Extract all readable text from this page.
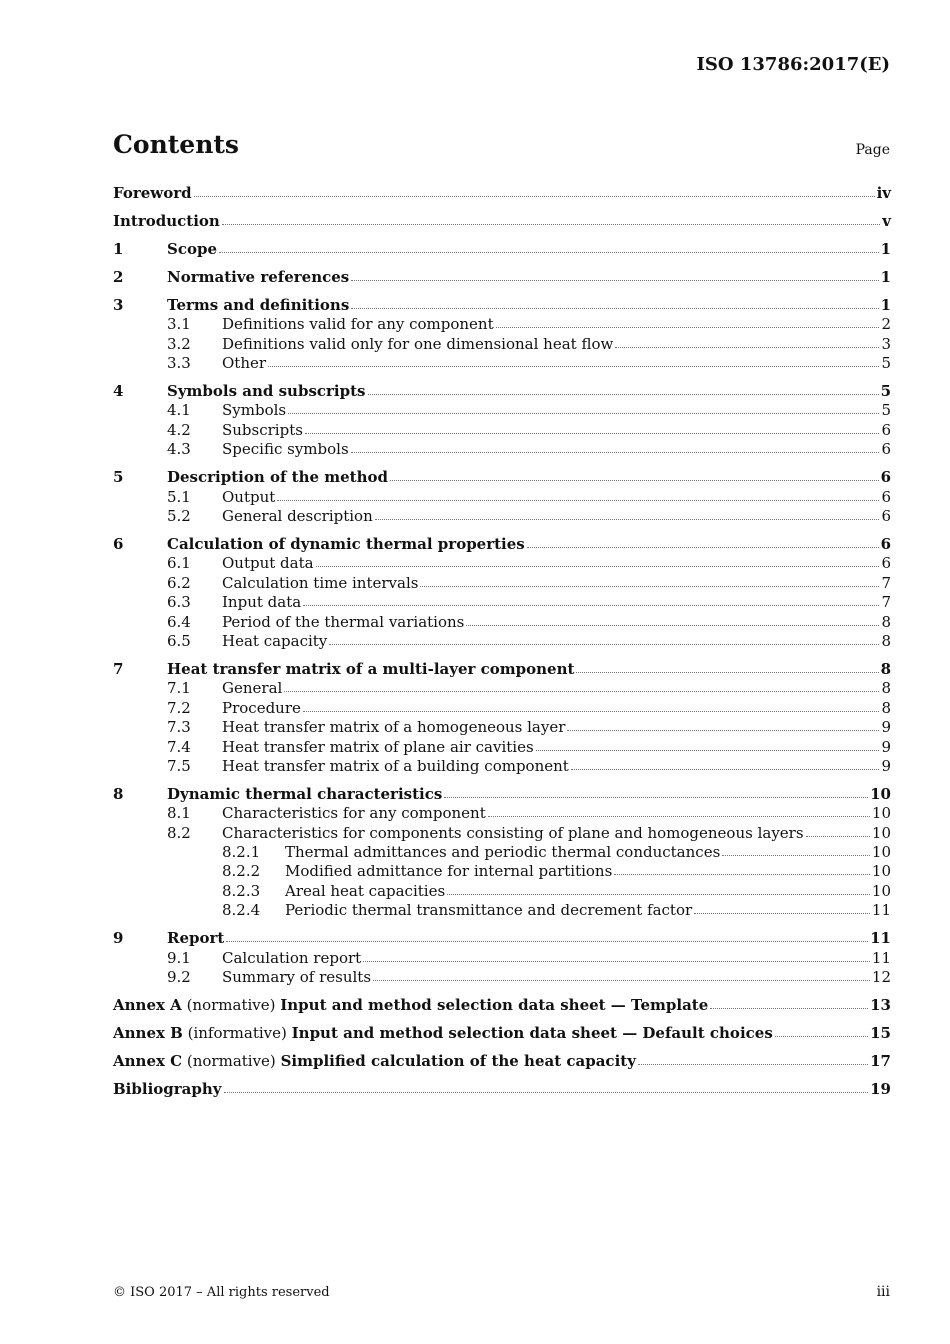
ISO 13786:2017(E)
Contents	Page
Foreword	iv
Introduction	v
1	Scope	1
2	Normative references	1
3	Terms and definitions	1
3.1 Definitions valid for any component	2
3.2 Definitions valid only for one dimensional heat flow	3
3.3 Other	5
4	Symbols and subscripts	5
4.1 Symbols	5
4.2 Subscripts	6
4.3 Specific symbols	6
5	Description of the method	6
5.1 Output	6
5.2 General description	6
6	Calculation of dynamic thermal properties	6
6.1 Output data	6
6.2 Calculation time intervals	7
6.3 Input data	7
6.4 Period of the thermal variations	8
6.5 Heat capacity	8
7	Heat transfer matrix of a multi-layer component	8
7.1 General	8
7.2 Procedure	8
7.3 Heat transfer matrix of a homogeneous layer	9
7.4 Heat transfer matrix of plane air cavities	9
7.5 Heat transfer matrix of a building component	9
8	Dynamic thermal characteristics	10
8.1 Characteristics for any component	10
8.2 Characteristics for components consisting of plane and homogeneous layers	10
8.2.1 Thermal admittances and periodic thermal conductances	10
8.2.2 Modified admittance for internal partitions	10
8.2.3 Areal heat capacities	10
8.2.4 Periodic thermal transmittance and decrement factor	11
9	Report	11
9.1 Calculation report	11
9.2 Summary of results	12
Annex A (normative) Input and method selection data sheet — Template	13
Annex B (informative) Input and method selection data sheet — Default choices	15
Annex C (normative) Simplified calculation of the heat capacity	17
Bibliography	19
© ISO 2017 – All rights reserved	iii
